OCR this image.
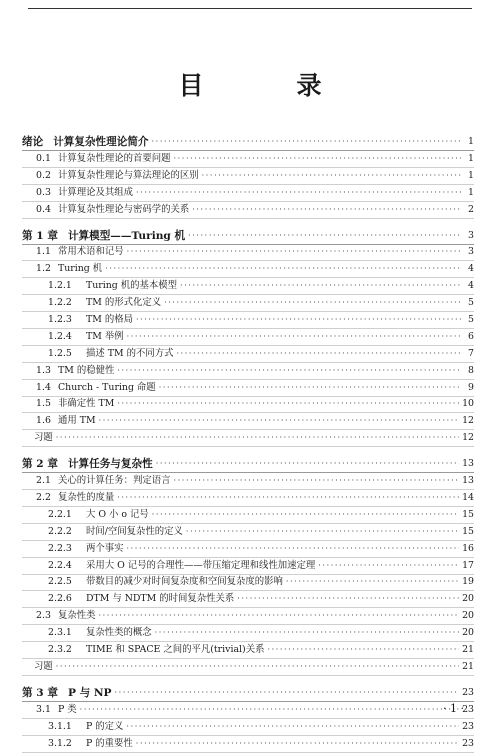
目　录
绪论 计算复杂性理论简介 ·····	1
0.1 计算复杂性理论的首要问题 ·····	1
0.2 计算复杂性理论与算法理论的区别 ·····	1
0.3 计算理论及其组成 ·····	1
0.4 计算复杂性理论与密码学的关系 ·····	2
第 1 章 计算模型——Turing 机 ·····	3
1.1 常用术语和记号 ·····	3
1.2 Turing 机 ·····	4
1.2.1	Turing 机的基本模型 ·····	4
1.2.2	TM 的形式化定义 ·····	5
1.2.3	TM 的格局 ·····	5
1.2.4	TM 举例 ·····	6
1.2.5	描述 TM 的不同方式 ·····	7
1.3 TM 的稳健性 ·····	8
1.4 Church - Turing 命题 ·····	9
1.5 非确定性 TM ·····	10
1.6 通用 TM ·····	12
习题 ·····	12
第 2 章 计算任务与复杂性 ·····	13
2.1 关心的计算任务：判定语言 ·····	13
2.2 复杂性的度量 ·····	14
2.2.1	大 O 小 o 记号 ·····	15
2.2.2	时间/空间复杂性的定义 ·····	15
2.2.3	两个事实 ·····	16
2.2.4	采用大 O 记号的合理性——带压缩定理和线性加速定理 ·····	17
2.2.5	带数目的减少对时间复杂度和空间复杂度的影响 ·····	19
2.2.6	DTM 与 NDTM 的时间复杂性关系 ·····	20
2.3 复杂性类 ·····	20
2.3.1	复杂性类的概念 ·····	20
2.3.2	TIME 和 SPACE 之间的平凡(trivial)关系 ·····	21
习题 ·····	21
第 3 章 P 与 NP ·····	23
3.1 P 类 ·····	23
3.1.1	P 的定义 ·····	23
3.1.2	P 的重要性 ·····	23
· 1 ·
